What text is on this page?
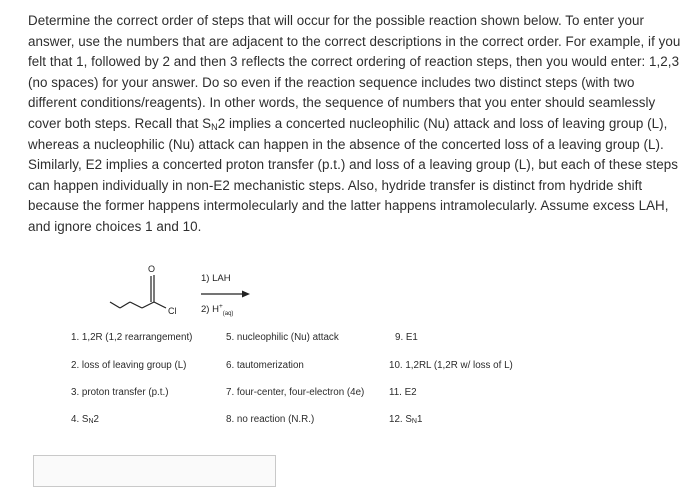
Determine the correct order of steps that will occur for the possible reaction shown below. To enter your
answer, use the numbers that are adjacent to the correct descriptions in the correct order. For example, if you
felt that 1, followed by 2 and then 3 reflects the correct ordering of reaction steps, then you would enter: 1,2,3
(no spaces) for your answer. Do so even if the reaction sequence includes two distinct steps (with two
different conditions/reagents). In other words, the sequence of numbers that you enter should seamlessly
cover both steps. Recall that $S_N2$ implies a concerted nucleophilic (Nu) attack and loss of leaving group (L),
whereas a nucleophilic (Nu) attack can happen in the absence of the concerted loss of a leaving group (L).
Similarly, E2 implies a concerted proton transfer (p.t.) and loss of a leaving group (L), but each of these steps
can happen individually in non-E2 mechanistic steps. Also, hydride transfer is distinct from hydride shift
because the former happens intermolecularly and the latter happens intramolecularly. Assume excess LAH,
and ignore choices 1 and 10.
O
Cl
1) LAH
2) $H^+_{(aq)}$
1. 1,2R (1,2 rearrangement)
2. loss of leaving group (L)
3. proton transfer (p.t.)
4. $S_N2$
5. nucleophilic (Nu) attack
6. tautomerization
7. four-center, four-electron (4e)
8. no reaction (N.R.)
9. E1
10. 1,2RL (1,2R w/ loss of L)
11. E2
12. $S_N1$
